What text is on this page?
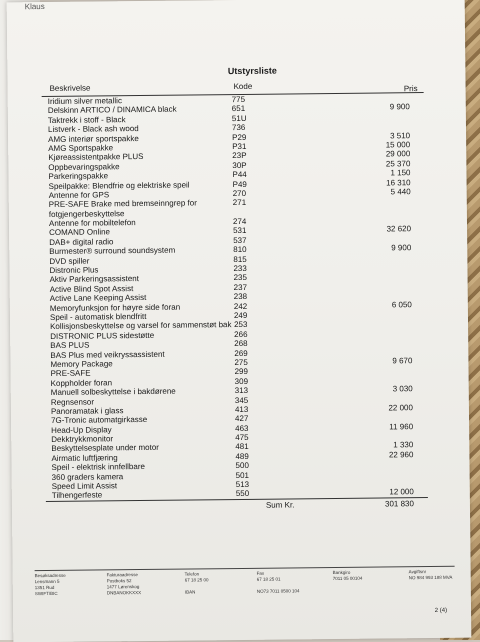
Klaus
Utstyrsliste
Beskrivelse	Kode	Pris
Iridium silver metallic	775
Delskinn ARTICO / DINAMICA black	651	9 900
Taktrekk i stoff - Black	51U
Listverk - Black ash wood	736
AMG interiør sportspakke	P29	3 510
AMG Sportspakke	P31	15 000
Kjøreassistentpakke PLUS	23P	29 000
Oppbevaringspakke	30P	25 370
Parkeringspakke	P44	1 150
Speilpakke: Blendfrie og elektriske speil	P49	16 310
Antenne for GPS	270	5 440
PRE-SAFE Brake med bremseinngrep for	271
fotgjengerbeskyttelse
Antenne for mobiltelefon	274
COMAND Online	531	32 620
DAB+ digital radio	537
Burmester® surround soundsystem	810	9 900
DVD spiller	815
Distronic Plus	233
Aktiv Parkeringsassistent	235
Active Blind Spot Assist	237
Active Lane Keeping Assist	238
Memoryfunksjon for høyre side foran	242	6 050
Speil - automatisk blendfritt	249
Kollisjonsbeskyttelse og varsel for sammenstøt bak 253
DISTRONIC PLUS sidestøtte	266
BAS PLUS	268
BAS Plus med veikryssassistent	269
Memory Package	275	9 670
PRE-SAFE	299
Koppholder foran	309
Manuell solbeskyttelse i bakdørene	313	3 030
Regnsensor	345
Panoramatak i glass	413	22 000
7G-Tronic automatgirkasse	427
Head-Up Display	463	11 960
Dekktrykkmonitor	475
Beskyttelsesplate under motor	481	1 330
Airmatic luftfjæring	489	22 960
Speil - elektrisk innfellbare	500
360 graders kamera	501
Speed Limit Assist	513
Tilhengerfeste	550	12 000
Sum Kr.	301 830
Besøksadresse
Lensmann 5
1351 Rud
SWIFT/BIC
Fakturaadresse
Postboks 52
1477 Lørenskog
DNBANOKKXXX
Telefon
67 18 25 00
IBAN
Fax
67 18 25 01
NO73 7011 0500 104
Bankgiro
7011 05 00104
Avgiftsnr
NO 984 993 188 MVA
2 (4)
